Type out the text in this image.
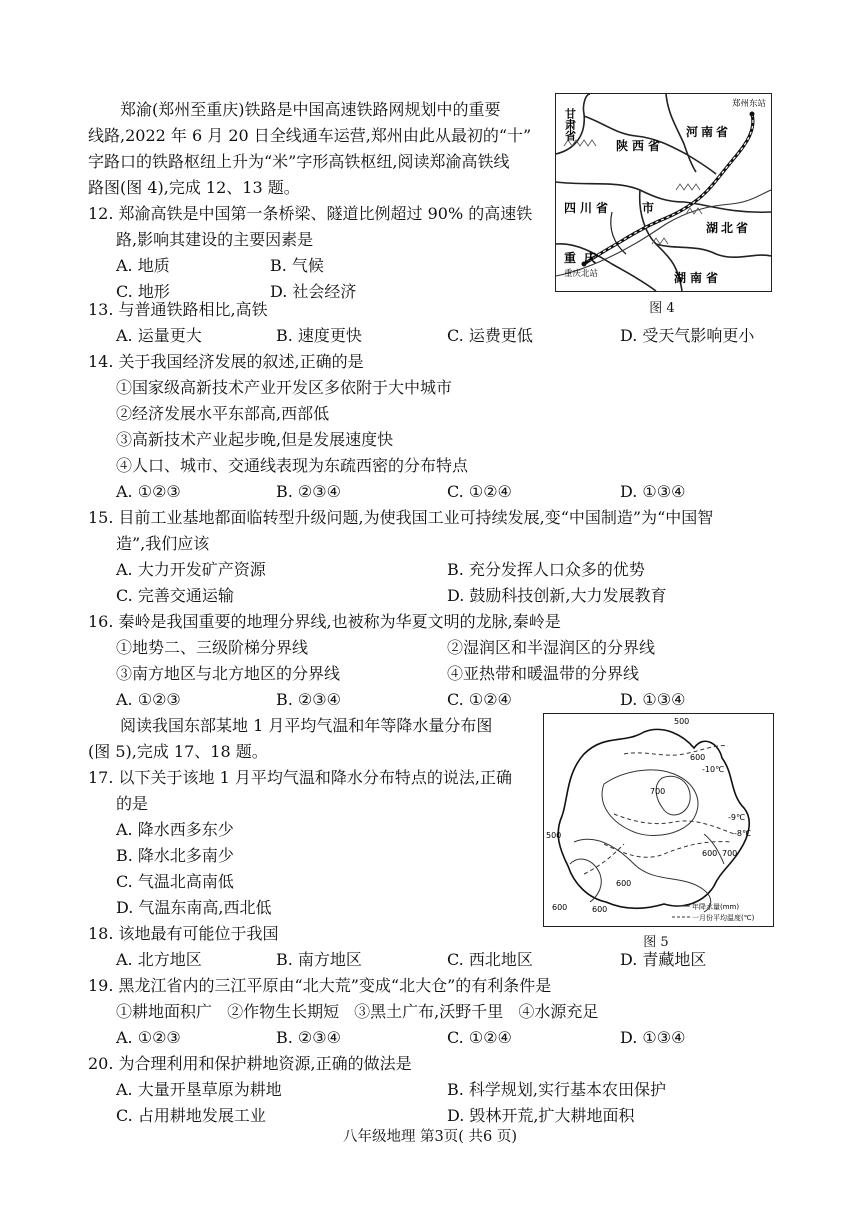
郑渝(郑州至重庆)铁路是中国高速铁路网规划中的重要
线路,2022 年 6 月 20 日全线通车运营,郑州由此从最初的“十”
字路口的铁路枢纽上升为“米”字形高铁枢纽,阅读郑渝高铁线
路图(图 4),完成 12、13 题。
12. 郑渝高铁是中国第一条桥梁、隧道比例超过 90% 的高速铁
路,影响其建设的主要因素是
A. 地质	B. 气候
C. 地形	D. 社会经济
郑州东站
甘肃省
陕西省
河南省
四川省 市
湖北省
重庆
重庆北站	湖南省
图 4
13. 与普通铁路相比,高铁
A. 运量更大	B. 速度更快	C. 运费更低	D. 受天气影响更小
14. 关于我国经济发展的叙述,正确的是
①国家级高新技术产业开发区多依附于大中城市
②经济发展水平东部高,西部低
③高新技术产业起步晚,但是发展速度快
④人口、城市、交通线表现为东疏西密的分布特点
A. ①②③	B. ②③④	C. ①②④	D. ①③④
15. 目前工业基地都面临转型升级问题,为使我国工业可持续发展,变“中国制造”为“中国智
造”,我们应该
A. 大力开发矿产资源	B. 充分发挥人口众多的优势
C. 完善交通运输	D. 鼓励科技创新,大力发展教育
16. 秦岭是我国重要的地理分界线,也被称为华夏文明的龙脉,秦岭是
①地势二、三级阶梯分界线	②湿润区和半湿润区的分界线
③南方地区与北方地区的分界线	④亚热带和暖温带的分界线
A. ①②③	B. ②③④	C. ①②④	D. ①③④
阅读我国东部某地 1 月平均气温和年等降水量分布图
(图 5),完成 17、18 题。
500
600
-10℃
700
-9℃
-8℃
500
600 700
600
600	600	年降水量(mm)
一月份平均温度(℃)
图 5
17. 以下关于该地 1 月平均气温和降水分布特点的说法,正确
的是
A. 降水西多东少
B. 降水北多南少
C. 气温北高南低
D. 气温东南高,西北低
18. 该地最有可能位于我国
A. 北方地区	B. 南方地区	C. 西北地区	D. 青藏地区
19. 黑龙江省内的三江平原由“北大荒”变成“北大仓”的有利条件是
①耕地面积广 ②作物生长期短 ③黑土广布,沃野千里 ④水源充足
A. ①②③	B. ②③④	C. ①②④	D. ①③④
20. 为合理利用和保护耕地资源,正确的做法是
A. 大量开垦草原为耕地	B. 科学规划,实行基本农田保护
C. 占用耕地发展工业	D. 毁林开荒,扩大耕地面积
八年级地理 第3页( 共6 页)
